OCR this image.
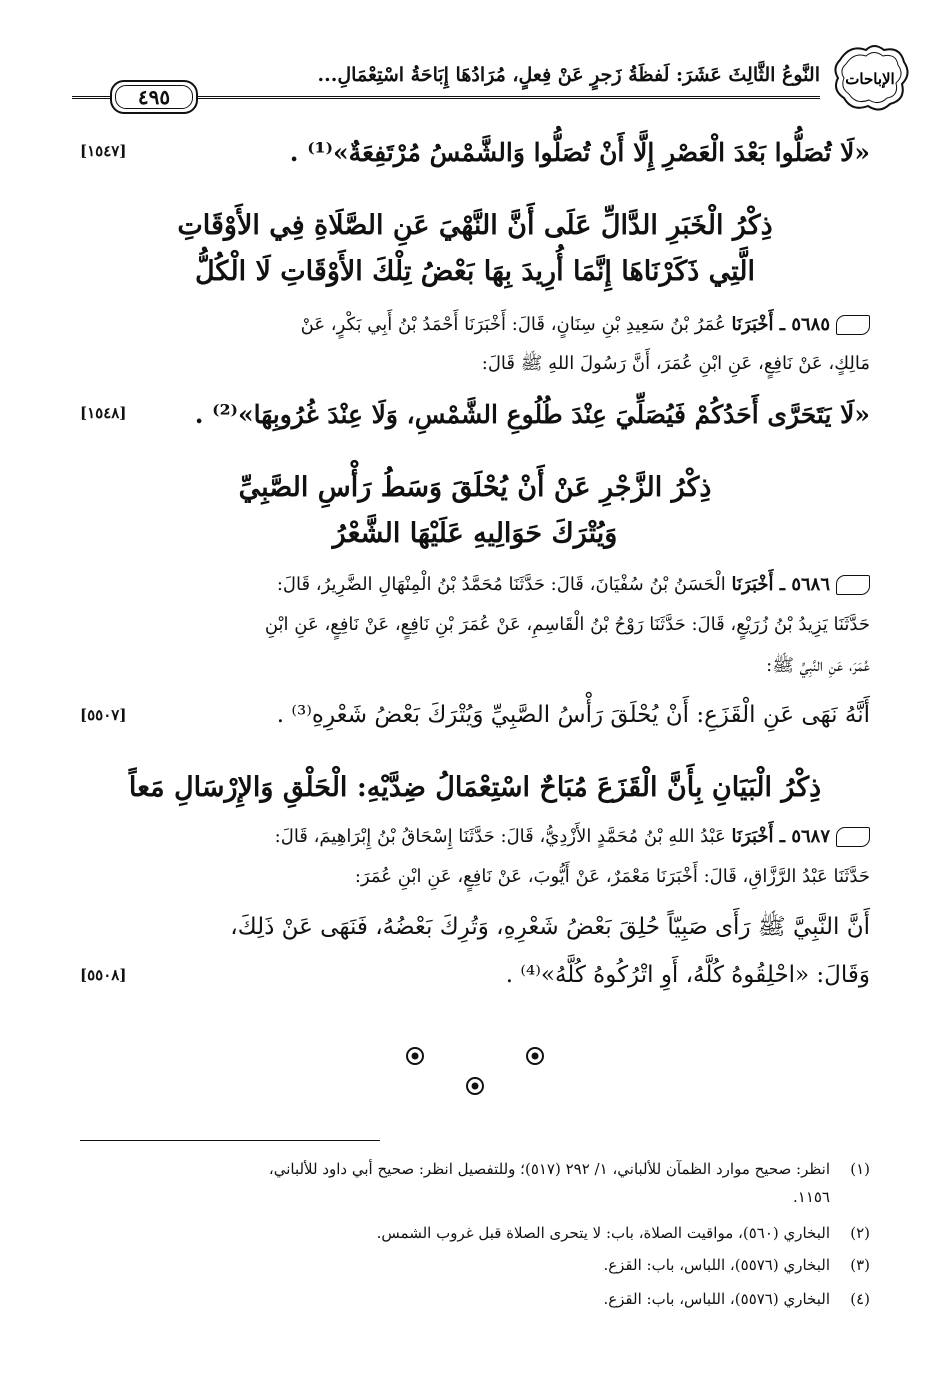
النَّوعُ الثَّالِثَ عَشَرَ: لَفظَةُ زَجرٍ عَنْ فِعلٍ، مُرَادُهَا إِبَاحَةُ اسْتِعْمَالِ...
٤٩٥
الإباحات
«لَا تُصَلُّوا بَعْدَ الْعَصْرِ إِلَّا أَنْ تُصَلُّوا وَالشَّمْسُ مُرْتَفِعَةٌ»⁽¹⁾ .
[١٥٤٧]
ذِكْرُ الْخَبَرِ الدَّالِّ عَلَى أَنَّ النَّهْيَ عَنِ الصَّلَاةِ فِي الأَوْقَاتِ
الَّتِي ذَكَرْنَاهَا إِنَّمَا أُرِيدَ بِهَا بَعْضُ تِلْكَ الأَوْقَاتِ لَا الْكُلُّ
٥٦٨٥ ـ أَخْبَرَنَا عُمَرُ بْنُ سَعِيدِ بْنِ سِنَانٍ، قَالَ: أَخْبَرَنَا أَحْمَدُ بْنُ أَبِي بَكْرٍ، عَنْ
مَالِكٍ، عَنْ نَافِعٍ، عَنِ ابْنِ عُمَرَ، أَنَّ رَسُولَ اللهِ ﷺ قَالَ:
«لَا يَتَحَرَّى أَحَدُكُمْ فَيُصَلِّيَ عِنْدَ طُلُوعِ الشَّمْسِ، وَلَا عِنْدَ غُرُوبِهَا»⁽²⁾ .
[١٥٤٨]
ذِكْرُ الزَّجْرِ عَنْ أَنْ يُحْلَقَ وَسَطُ رَأْسِ الصَّبِيِّ
وَيُتْرَكَ حَوَالِيهِ عَلَيْهَا الشَّعْرُ
٥٦٨٦ ـ أَخْبَرَنَا الْحَسَنُ بْنُ سُفْيَانَ، قَالَ: حَدَّثَنَا مُحَمَّدُ بْنُ الْمِنْهَالِ الضَّرِيرُ، قَالَ:
حَدَّثَنَا يَزِيدُ بْنُ زُرَيْعٍ، قَالَ: حَدَّثَنَا رَوْحُ بْنُ الْقَاسِمِ، عَنْ عُمَرَ بْنِ نَافِعٍ، عَنْ نَافِعٍ، عَنِ ابْنِ
عُمَرَ، عَنِ النَّبِيِّ ﷺ:
أَنَّهُ نَهَى عَنِ الْقَزَعِ: أَنْ يُحْلَقَ رَأْسُ الصَّبِيِّ وَيُتْرَكَ بَعْضُ شَعْرِهِ⁽³⁾ .
[٥٥٠٧]
ذِكْرُ الْبَيَانِ بِأَنَّ الْقَزَعَ مُبَاحٌ اسْتِعْمَالُ ضِدَّيْهِ: الْحَلْقِ وَالإِرْسَالِ مَعاً
٥٦٨٧ ـ أَخْبَرَنَا عَبْدُ اللهِ بْنُ مُحَمَّدٍ الأَزْدِيُّ، قَالَ: حَدَّثَنَا إِسْحَاقُ بْنُ إِبْرَاهِيمَ، قَالَ:
حَدَّثَنَا عَبْدُ الرَّزَّاقِ، قَالَ: أَخْبَرَنَا مَعْمَرٌ، عَنْ أَيُّوبَ، عَنْ نَافِعٍ، عَنِ ابْنِ عُمَرَ:
أَنَّ النَّبِيَّ ﷺ رَأَى صَبِيّاً حُلِقَ بَعْضُ شَعْرِهِ، وَتُرِكَ بَعْضُهُ، فَنَهَى عَنْ ذَلِكَ،
وَقَالَ: «احْلِقُوهُ كُلَّهُ، أَوِ اتْرُكُوهُ كُلَّهُ»⁽⁴⁾ .
[٥٥٠٨]
(١)انظر: صحيح موارد الظمآن للألباني، ١/ ٢٩٢ (٥١٧)؛ وللتفصيل انظر: صحيح أبي داود للألباني،
١١٥٦.
(٢)البخاري (٥٦٠)، مواقيت الصلاة، باب: لا يتحرى الصلاة قبل غروب الشمس.
(٣)البخاري (٥٥٧٦)، اللباس، باب: القزع.
(٤)البخاري (٥٥٧٦)، اللباس، باب: القزع.
